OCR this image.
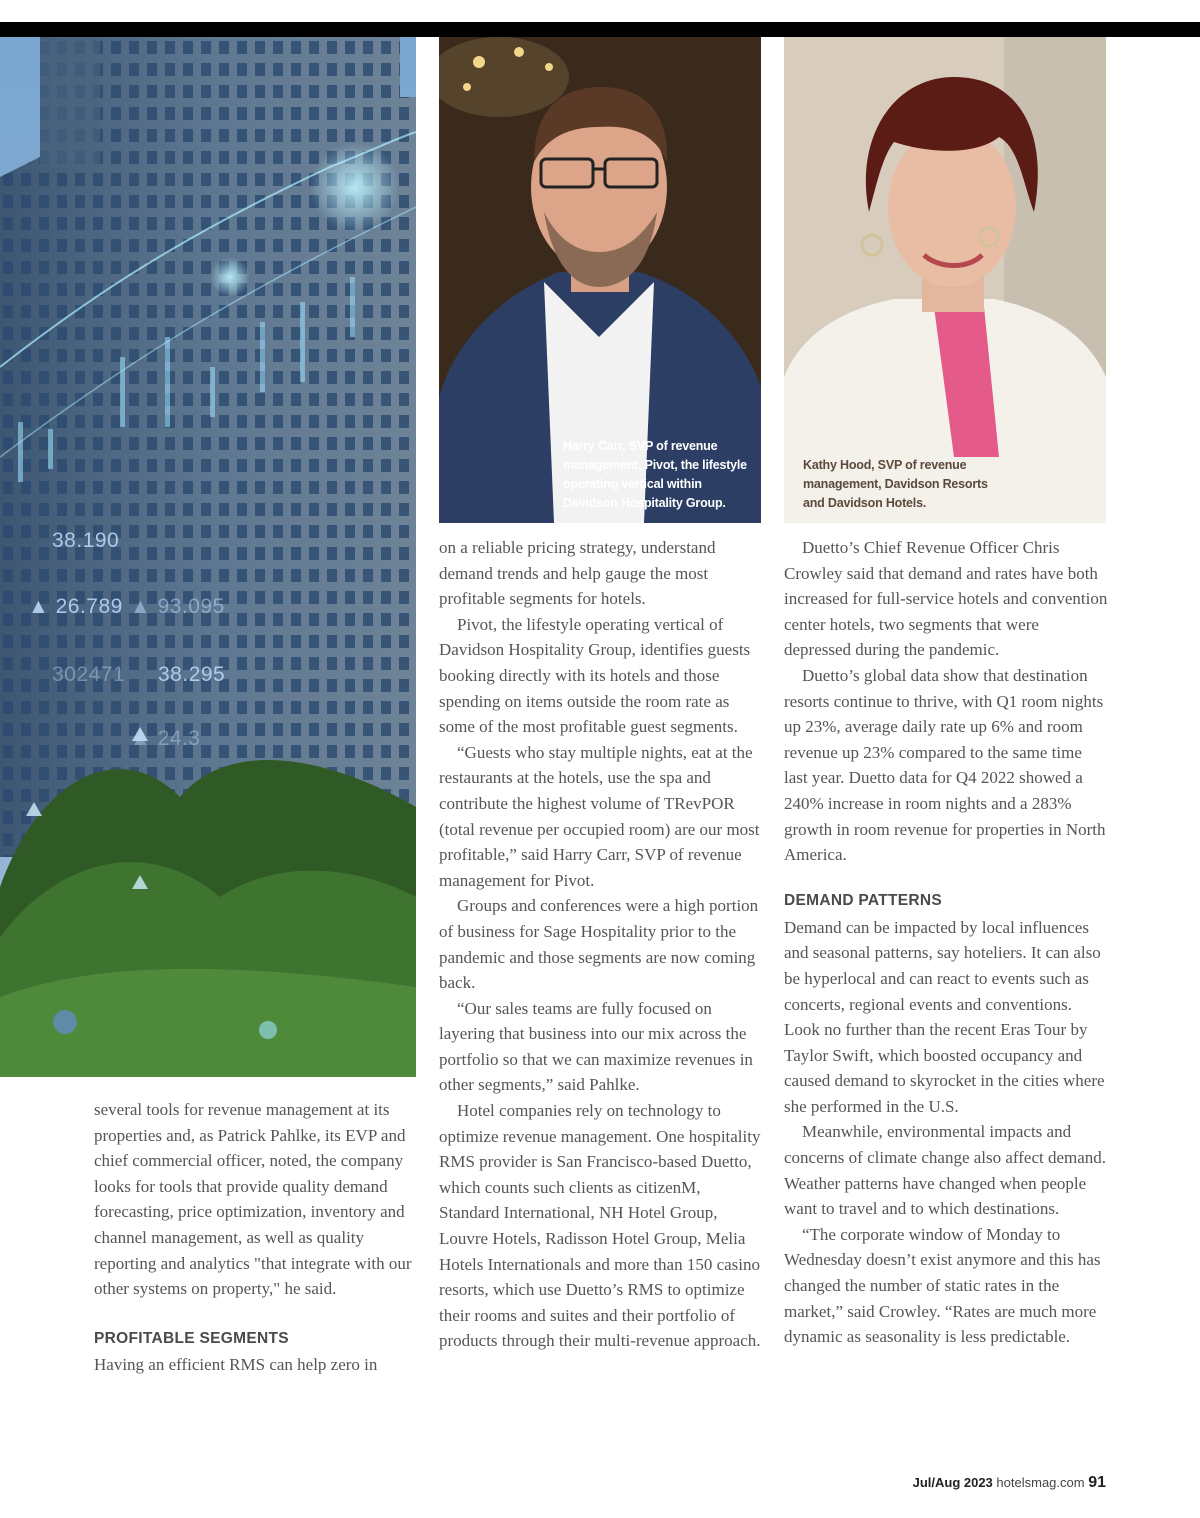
38.190
▲ 26.789 ▲ 93.095
302471 38.295
▲ 24.3
Harry Carr, SVP of revenue management, Pivot, the lifestyle operating vertical within Davidson Hospitality Group.
Kathy Hood, SVP of revenue management, Davidson Resorts and Davidson Hotels.

several tools for revenue management at its properties and, as Patrick Pahlke, its EVP and chief commercial officer, noted, the company looks for tools that provide quality demand forecasting, price optimization, inventory and channel management, as well as quality reporting and analytics "that integrate with our other systems on property," he said.

PROFITABLE SEGMENTS

Having an efficient RMS can help zero in

on a reliable pricing strategy, understand demand trends and help gauge the most profitable segments for hotels.

Pivot, the lifestyle operating vertical of Davidson Hospitality Group, identifies guests booking directly with its hotels and those spending on items outside the room rate as some of the most profitable guest segments.

“Guests who stay multiple nights, eat at the restaurants at the hotels, use the spa and contribute the highest volume of TRevPOR (total revenue per occupied room) are our most profitable,” said Harry Carr, SVP of revenue management for Pivot.

Groups and conferences were a high portion of business for Sage Hospitality prior to the pandemic and those segments are now coming back.

“Our sales teams are fully focused on layering that business into our mix across the portfolio so that we can maximize revenues in other segments,” said Pahlke.

Hotel companies rely on technology to optimize revenue management. One hospitality RMS provider is San Francisco-based Duetto, which counts such clients as citizenM, Standard International, NH Hotel Group, Louvre Hotels, Radisson Hotel Group, Melia Hotels Internationals and more than 150 casino resorts, which use Duetto’s RMS to optimize their rooms and suites and their portfolio of products through their multi-revenue approach.

Duetto’s Chief Revenue Officer Chris Crowley said that demand and rates have both increased for full-service hotels and convention center hotels, two segments that were depressed during the pandemic.

Duetto’s global data show that destination resorts continue to thrive, with Q1 room nights up 23%, average daily rate up 6% and room revenue up 23% compared to the same time last year. Duetto data for Q4 2022 showed a 240% increase in room nights and a 283% growth in room revenue for properties in North America.

DEMAND PATTERNS

Demand can be impacted by local influences and seasonal patterns, say hoteliers. It can also be hyperlocal and can react to events such as concerts, regional events and conventions. Look no further than the recent Eras Tour by Taylor Swift, which boosted occupancy and caused demand to skyrocket in the cities where she performed in the U.S.

Meanwhile, environmental impacts and concerns of climate change also affect demand. Weather patterns have changed when people want to travel and to which destinations.

“The corporate window of Monday to Wednesday doesn’t exist anymore and this has changed the number of static rates in the market,” said Crowley. “Rates are much more dynamic as seasonality is less predictable.

Jul/Aug 2023 hotelsmag.com 91
